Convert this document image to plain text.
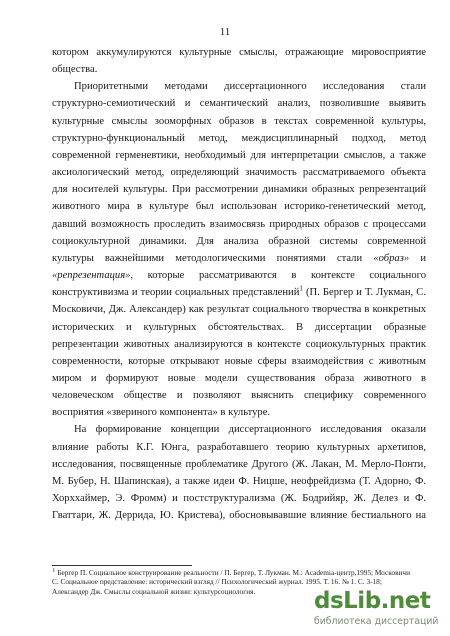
11
котором аккумулируются культурные смыслы, отражающие мировосприятие
общества.
Приоритетными методами диссертационного исследования стали
структурно-семиотический и семантический анализ, позволившие выявить
культурные смыслы зооморфных образов в текстах современной культуры,
структурно-функциональный метод, междисциплинарный подход, метод
современной герменевтики, необходимый для интерпретации смыслов, а также
аксиологический метод, определяющий значимость рассматриваемого объекта
для носителей культуры. При рассмотрении динамики образных репрезентаций
животного мира в культуре был использован историко-генетический метод,
давший возможность проследить взаимосвязь природных образов с процессами
социокультурной динамики. Для анализа образной системы современной
культуры важнейшими методологическими понятиями стали «образ» и
«репрезентация», которые рассматриваются в контексте социального
конструктивизма и теории социальных представлений$^1$ (П. Бергер и Т. Лукман, С.
Московичи, Дж. Александер) как результат социального творчества в конкретных
исторических и культурных обстоятельствах. В диссертации образные
репрезентации животных анализируются в контексте социокультурных практик
современности, которые открывают новые сферы взаимодействия с животным
миром и формируют новые модели существования образа животного в
человеческом обществе и позволяют выяснить специфику современного
восприятия «звериного компонента» в культуре.
На формирование концепции диссертационного исследования оказали
влияние работы К.Г. Юнга, разработавшего теорию культурных архетипов,
исследования, посвященные проблематике Другого (Ж. Лакан, М. Мерло-Понти,
М. Бубер, Н. Шапинская), а также идеи Ф. Ницше, неофрейдизма (Т. Адорно, Ф.
Хорххаймер, Э. Фромм) и постструктурализма (Ж. Бодрийяр, Ж. Делез и Ф.
Гваттари, Ж. Деррида, Ю. Кристева), обосновывавшие влияние бестиального на
$^1$ Бергер П. Социальное конструирование реальности / П. Бергер, Т. Лукман. М.: Academia-центр,1995; Московичи
С. Социальное представление: исторический взгляд // Психологический журнал. 1995. Т. 16. № 1. С. 3-18;
Александер Дж. Смыслы социальной жизни: культурсоциология.	dsLib.net
библиотека диссертаций
